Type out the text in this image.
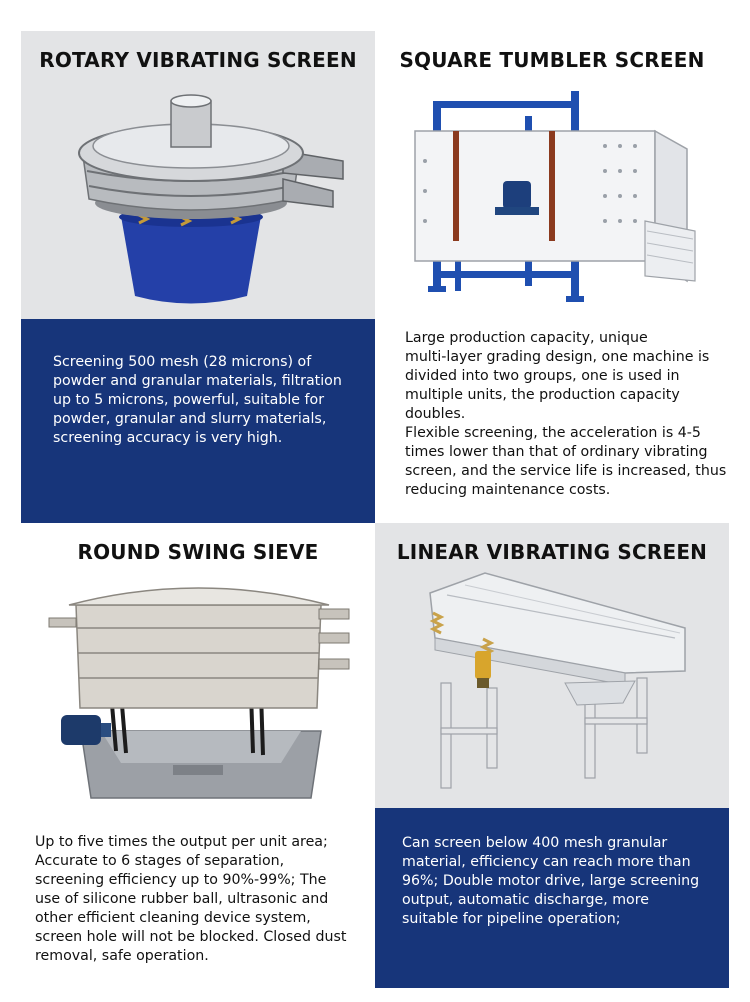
ROTARY VIBRATING SCREEN	SQUARE TUMBLER SCREEN
Screening 500 mesh (28 microns) of
powder and granular materials, filtration
up to 5 microns, powerful, suitable for
powder, granular and slurry materials,
screening accuracy is very high.
Large production capacity, unique
multi-layer grading design, one machine is
divided into two groups, one is used in
multiple units, the production capacity
doubles.
Flexible screening, the acceleration is 4-5
times lower than that of ordinary vibrating
screen, and the service life is increased, thus
reducing maintenance costs.
ROUND SWING SIEVE	LINEAR VIBRATING SCREEN
Up to five times the output per unit area;
Accurate to 6 stages of separation,
screening efficiency up to 90%-99%; The
use of silicone rubber ball, ultrasonic and
other efficient cleaning device system,
screen hole will not be blocked. Closed dust
removal, safe operation.
Can screen below 400 mesh granular
material, efficiency can reach more than
96%; Double motor drive, large screening
output, automatic discharge, more
suitable for pipeline operation;
